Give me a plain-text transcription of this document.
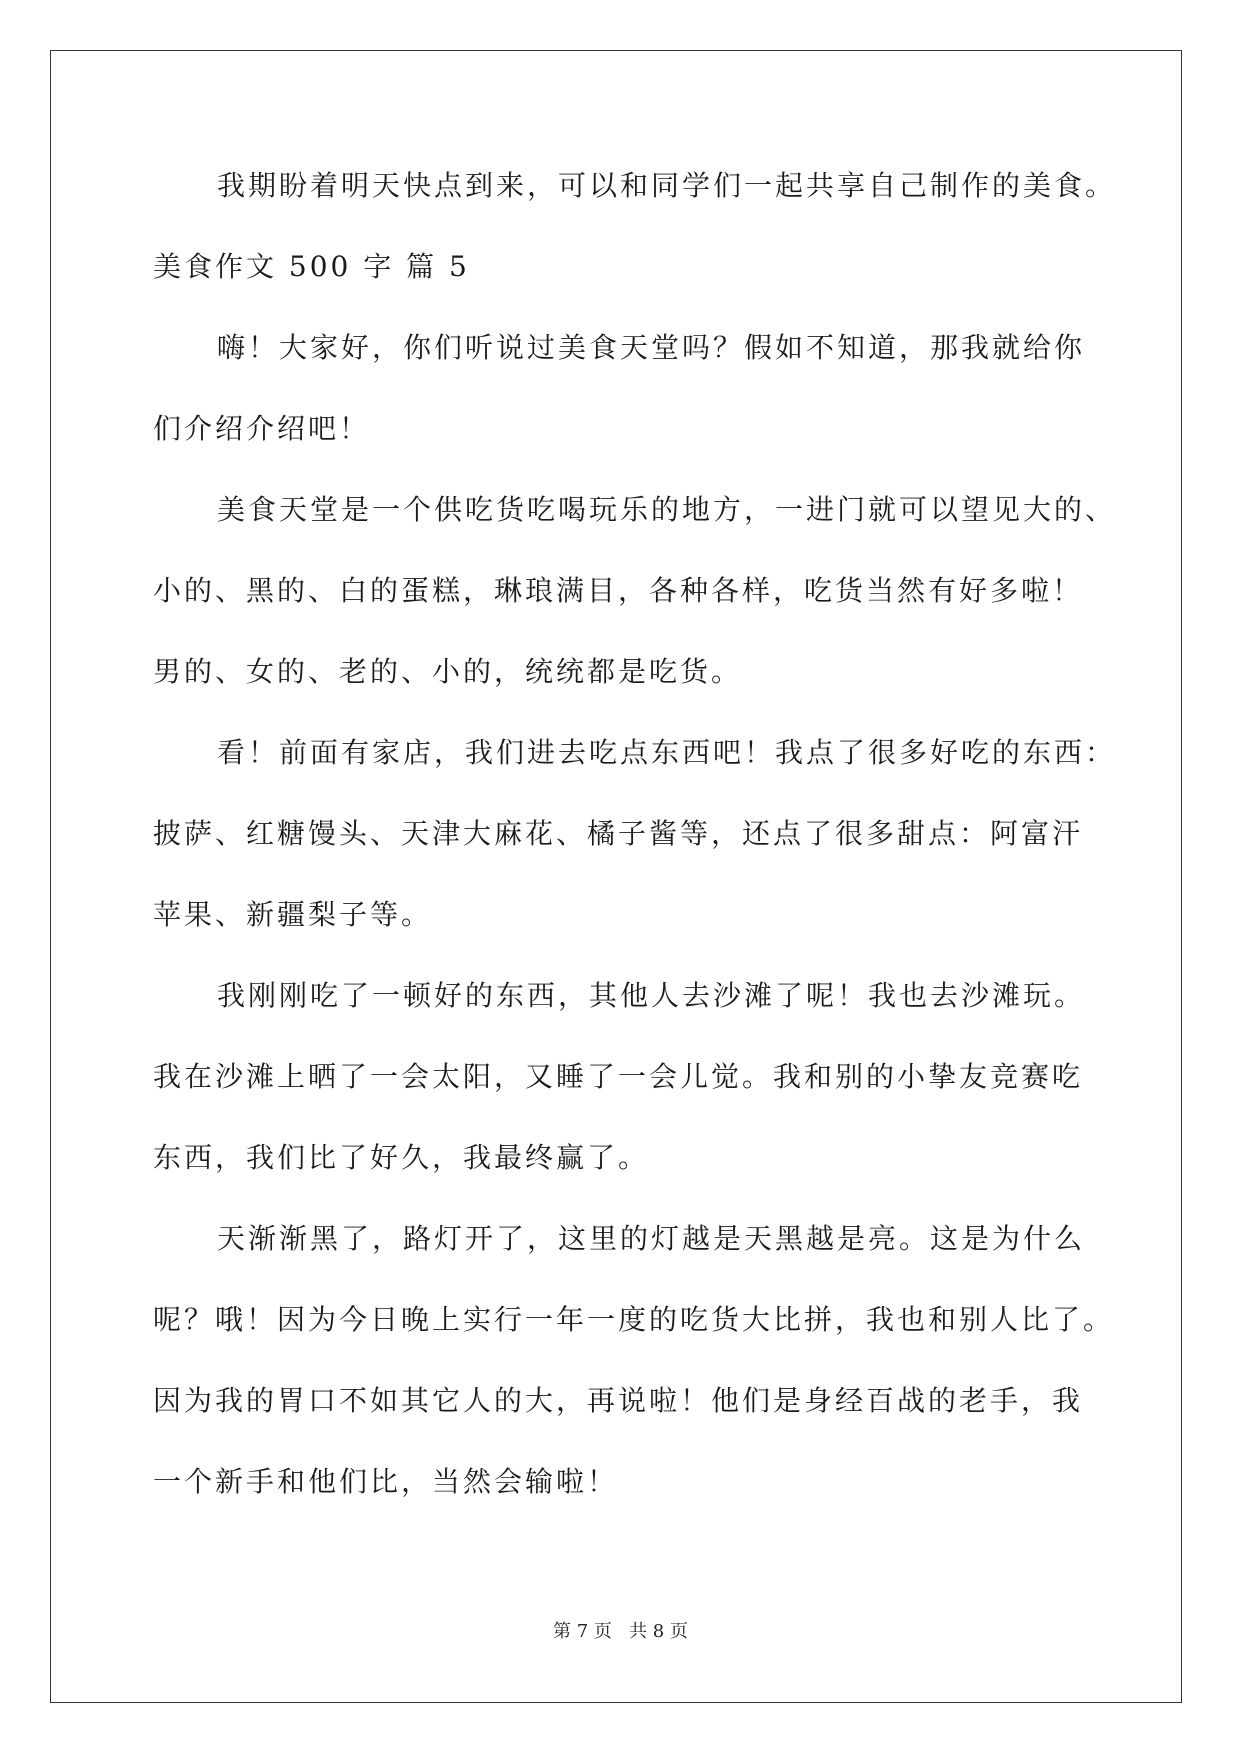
我期盼着明天快点到来，可以和同学们一起共享自己制作的美食。
美食作文 500 字 篇 5
嗨！大家好，你们听说过美食天堂吗？假如不知道，那我就给你
们介绍介绍吧！
美食天堂是一个供吃货吃喝玩乐的地方，一进门就可以望见大的、
小的、黑的、白的蛋糕，琳琅满目，各种各样，吃货当然有好多啦！
男的、女的、老的、小的，统统都是吃货。
看！前面有家店，我们进去吃点东西吧！我点了很多好吃的东西：
披萨、红糖馒头、天津大麻花、橘子酱等，还点了很多甜点：阿富汗
苹果、新疆梨子等。
我刚刚吃了一顿好的东西，其他人去沙滩了呢！我也去沙滩玩。
我在沙滩上晒了一会太阳，又睡了一会儿觉。我和别的小挚友竞赛吃
东西，我们比了好久，我最终赢了。
天渐渐黑了，路灯开了，这里的灯越是天黑越是亮。这是为什么
呢？哦！因为今日晚上实行一年一度的吃货大比拼，我也和别人比了。
因为我的胃口不如其它人的大，再说啦！他们是身经百战的老手，我
一个新手和他们比，当然会输啦！
第 7 页   共 8 页
